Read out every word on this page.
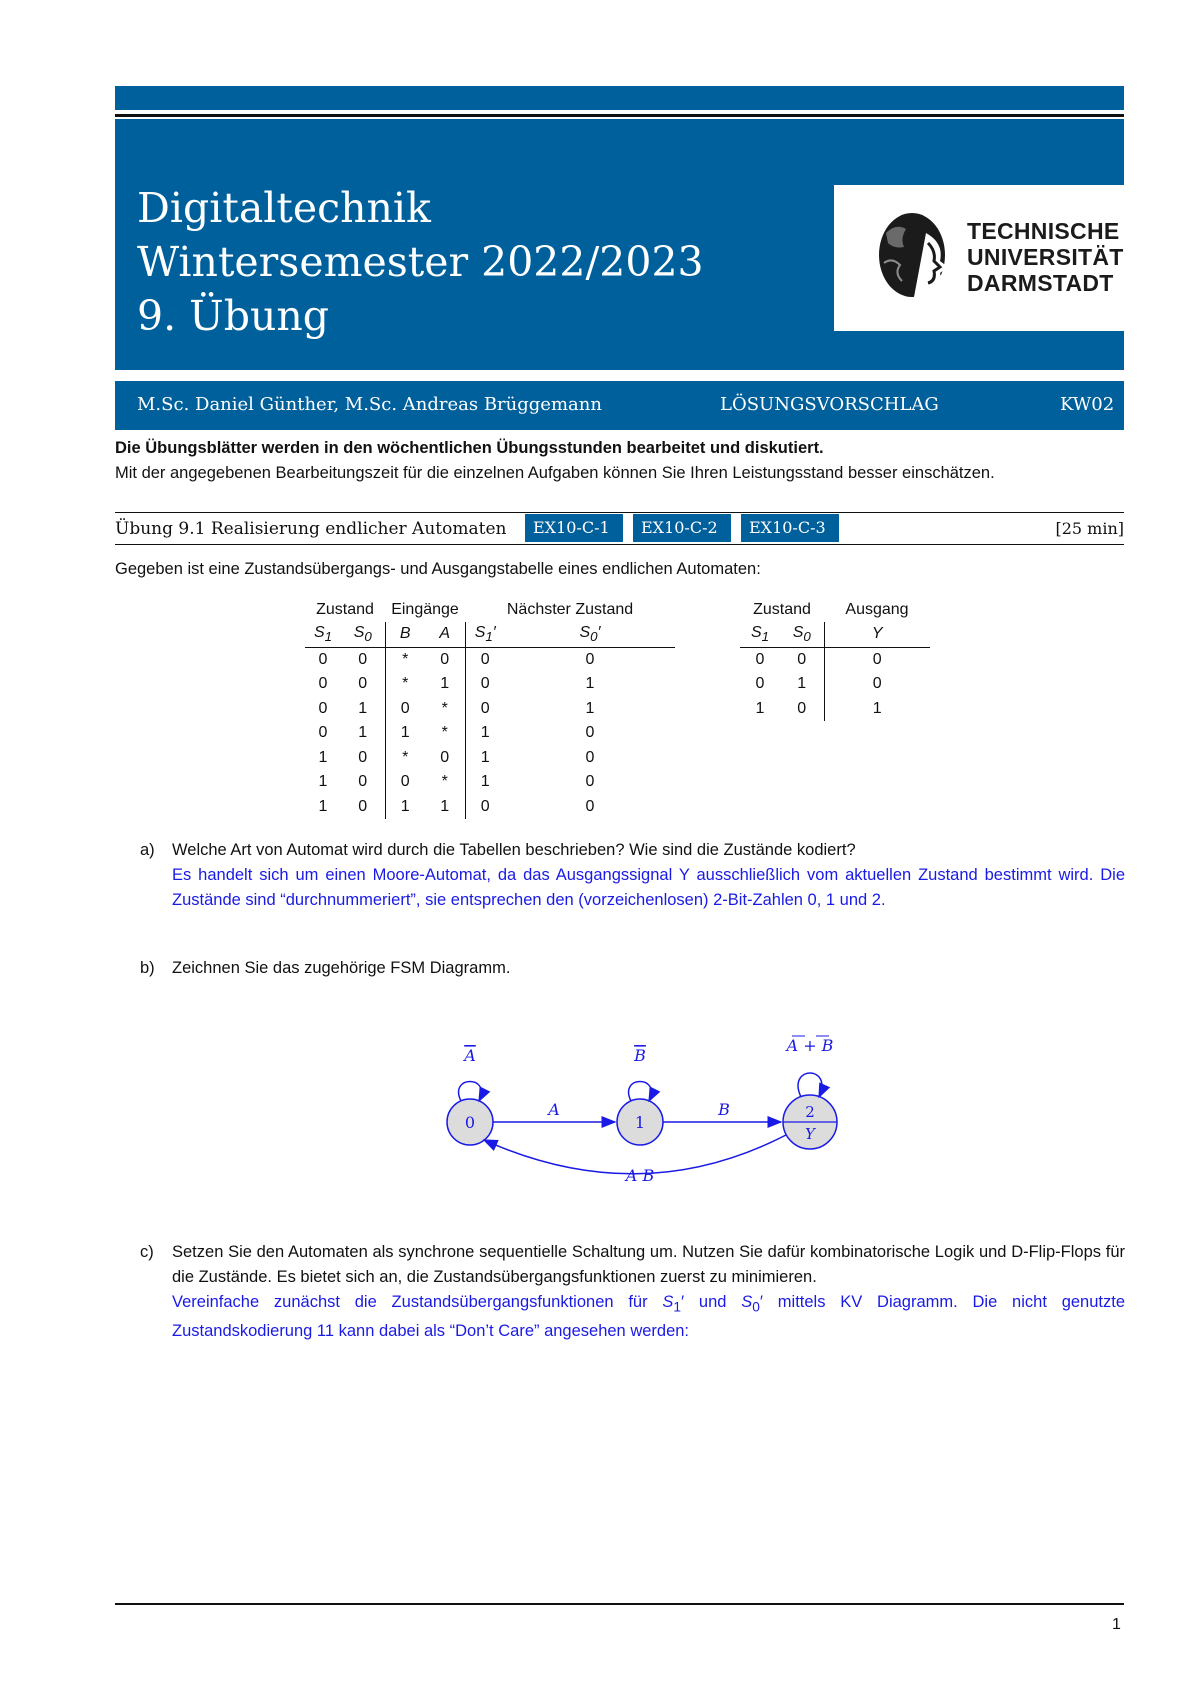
Digitaltechnik
Wintersemester 2022/2023
9. Übung
TECHNISCHE
UNIVERSITÄT
DARMSTADT
M.Sc. Daniel Günther, M.Sc. Andreas Brüggemann	LÖSUNGSVORSCHLAG	KW02
Die Übungsblätter werden in den wöchentlichen Übungsstunden bearbeitet und diskutiert.
Mit der angegebenen Bearbeitungszeit für die einzelnen Aufgaben können Sie Ihren Leistungsstand besser einschätzen.
Übung 9.1 Realisierung endlicher Automaten	EX10-C-1	EX10-C-2	EX10-C-3	[25 min]
Gegeben ist eine Zustandsübergangs- und Ausgangstabelle eines endlichen Automaten:
Zustand		Eingänge		Nächster Zustand	
$S_1$	$S_0$	B	A	$S_1'$	$S_0'$
0	0	*	0	0	0
0	0	*	1	0	1
0	1	0	*	0	1
0	1	1	*	1	0
1	0	*	0	1	0
1	0	0	*	1	0
1	0	1	1	0	0
Zustand		Ausgang
$S_1$	$S_0$	Y
0	0	0
0	1	0
1	0	1
a) Welche Art von Automat wird durch die Tabellen beschrieben? Wie sind die Zustände kodiert?
Es handelt sich um einen Moore-Automat, da das Ausgangssignal Y ausschließlich vom aktuellen Zustand bestimmt wird. Die Zustände sind “durchnummeriert”, sie entsprechen den (vorzeichenlosen) 2-Bit-Zahlen 0, 1 und 2.
b) Zeichnen Sie das zugehörige FSM Diagramm.
0	1
2
Y
A	B
A + B
A	B
A B
c) Setzen Sie den Automaten als synchrone sequentielle Schaltung um. Nutzen Sie dafür kombinatorische Logik und D-Flip-Flops für die Zustände. Es bietet sich an, die Zustandsübergangsfunktionen zuerst zu minimieren.
Vereinfache zunächst die Zustandsübergangsfunktionen für $S_1'$ und $S_0'$ mittels KV Diagramm. Die nicht genutzte Zustandskodierung 11 kann dabei als “Don’t Care” angesehen werden:
1
